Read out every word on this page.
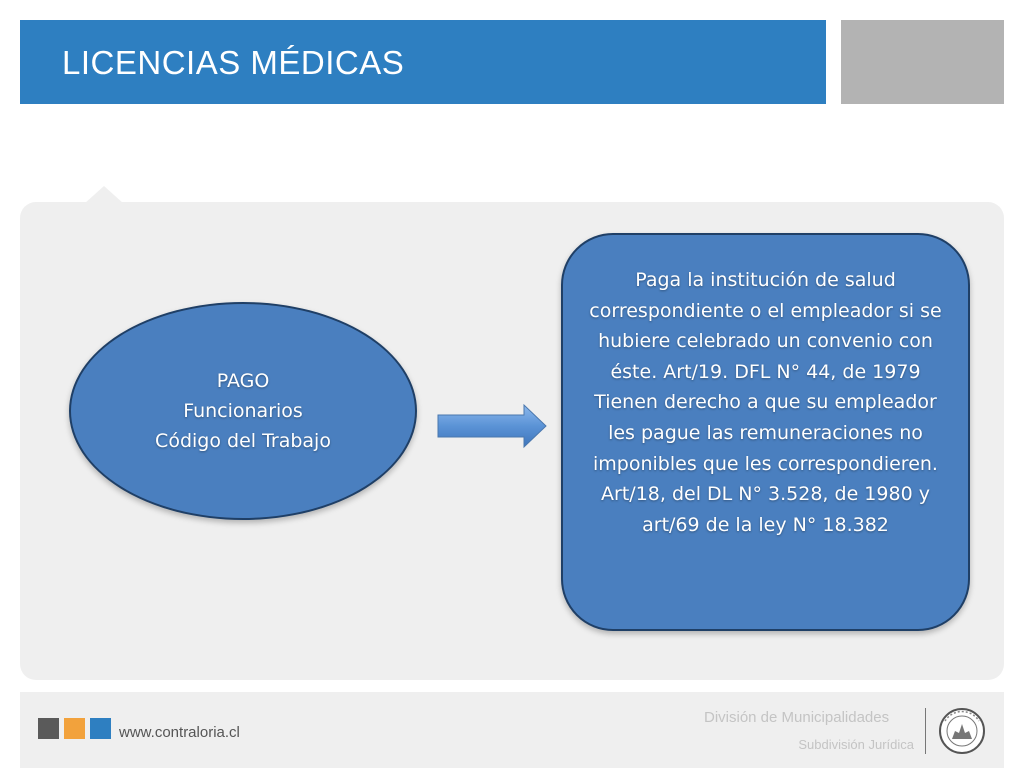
LICENCIAS MÉDICAS
PAGO
Funcionarios
Código del Trabajo

Paga la institución de salud correspondiente o el empleador si se hubiere celebrado un convenio con éste. Art/19. DFL N° 44, de 1979

Tienen derecho a que su empleador les pague las remuneraciones no imponibles que les correspondieren. Art/18, del DL N° 3.528, de 1980 y art/69 de la ley N° 18.382

www.contraloria.cl
División de Municipalidades
Subdivisión Jurídica
